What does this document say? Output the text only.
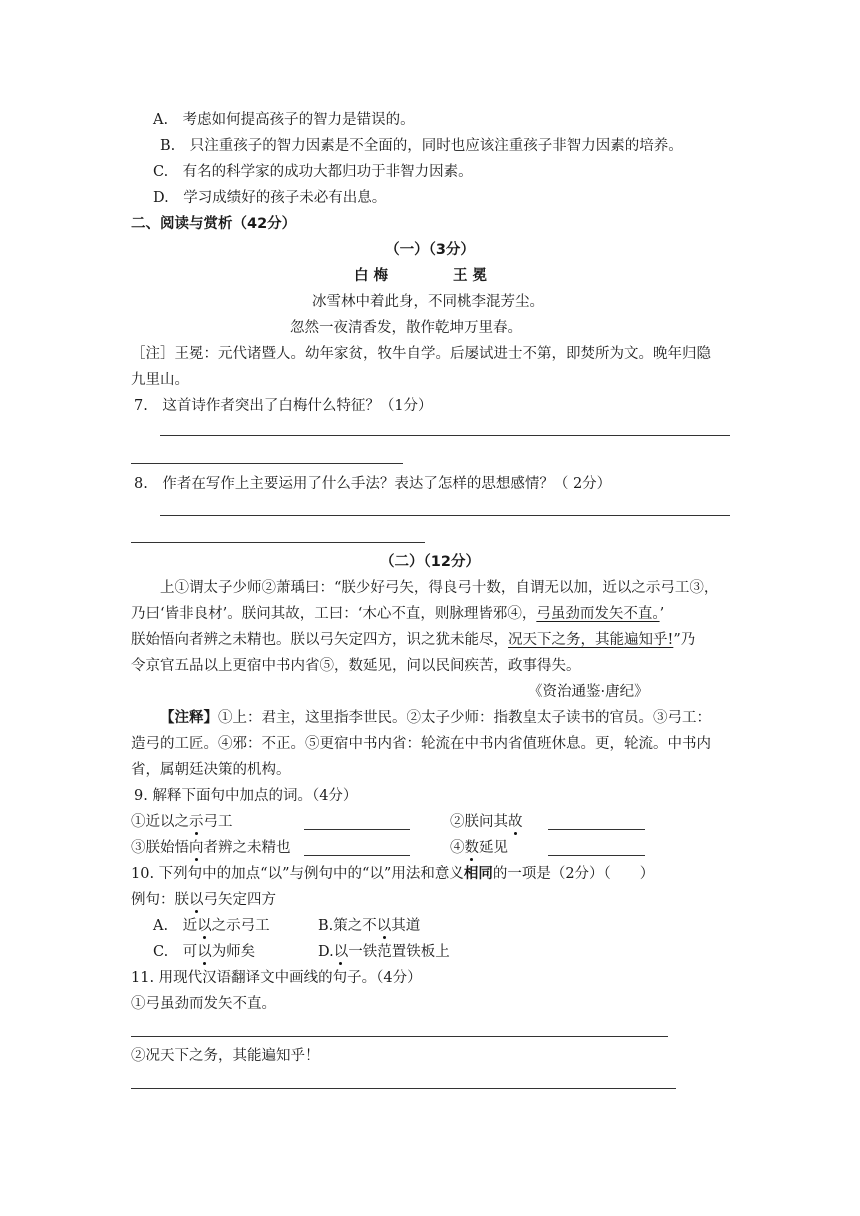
A.　考虑如何提高孩子的智力是错误的。
B.　只注重孩子的智力因素是不全面的，同时也应该注重孩子非智力因素的培养。
C.　有名的科学家的成功大都归功于非智力因素。
D.　学习成绩好的孩子未必有出息。
二、阅读与赏析（42分）
（一）（3分）
白 梅	王 冕
冰雪林中着此身，不同桃李混芳尘。
忽然一夜清香发，散作乾坤万里春。
［注］王冕：元代诸暨人。幼年家贫，牧牛自学。后屡试进士不第，即焚所为文。晚年归隐
九里山。
7.　这首诗作者突出了白梅什么特征？（1分）
8.　作者在写作上主要运用了什么手法？表达了怎样的思想感情？（ 2分）
（二）（12分）
上①谓太子少师②萧瑀曰：“朕少好弓矢，得良弓十数，自谓无以加，近以之示弓工③，
乃曰‘皆非良材’。朕问其故，工曰：‘木心不直，则脉理皆邪④，弓虽劲而发矢不直。’
朕始悟向者辨之未精也。朕以弓矢定四方，识之犹未能尽，况天下之务，其能遍知乎!”乃
令京官五品以上更宿中书内省⑤，数延见，问以民间疾苦，政事得失。
《资治通鉴·唐纪》
【注释】①上：君主，这里指李世民。②太子少师：指教皇太子读书的官员。③弓工：
造弓的工匠。④邪：不正。⑤更宿中书内省：轮流在中书内省值班休息。更，轮流。中书内
省，属朝廷决策的机构。
9. 解释下面句中加点的词。（4分）
①近以之示弓工	②朕问其故
③朕始悟向者辨之未精也	④数延见
10. 下列句中的加点“以”与例句中的“以”用法和意义相同的一项是（2分）（　　）
例句：朕以弓矢定四方
A.　近以之示弓工	B.策之不以其道
C.　可以为师矣	D.以一铁范置铁板上
11. 用现代汉语翻译文中画线的句子。（4分）
①弓虽劲而发矢不直。
②况天下之务，其能遍知乎！
